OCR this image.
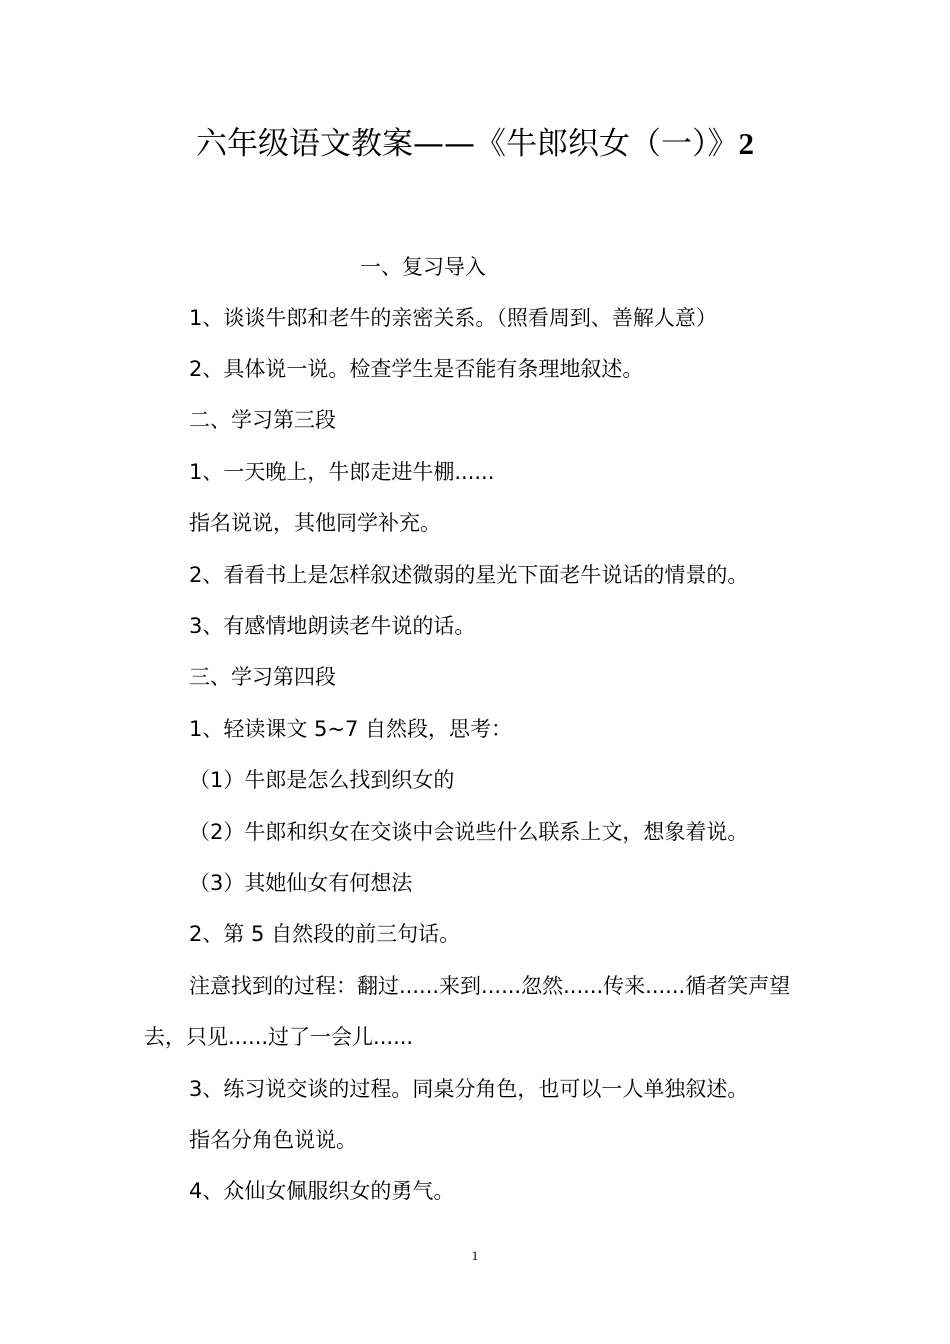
六年级语文教案——《牛郎织女（一）》2
一、复习导入
1、谈谈牛郎和老牛的亲密关系。（照看周到、善解人意）
2、具体说一说。检查学生是否能有条理地叙述。
二、学习第三段
1、一天晚上，牛郎走进牛棚......
指名说说，其他同学补充。
2、看看书上是怎样叙述微弱的星光下面老牛说话的情景的。
3、有感情地朗读老牛说的话。
三、学习第四段
1、轻读课文 5~7 自然段，思考：
（1）牛郎是怎么找到织女的
（2）牛郎和织女在交谈中会说些什么联系上文，想象着说。
（3）其她仙女有何想法
2、第 5 自然段的前三句话。
注意找到的过程：翻过......来到......忽然......传来......循者笑声望
去，只见......过了一会儿......
3、练习说交谈的过程。同桌分角色，也可以一人单独叙述。
指名分角色说说。
4、众仙女佩服织女的勇气。
1
